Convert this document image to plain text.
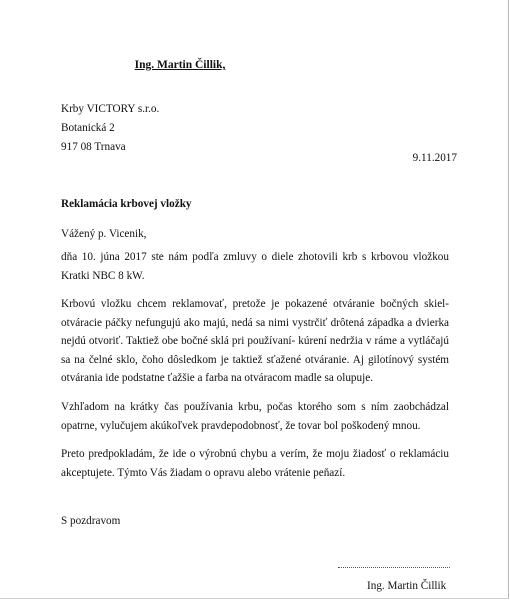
Ing. Martin Čillik,
Krby VICTORY s.r.o.
Botanická 2
917 08 Trnava
9.11.2017
Reklamácia krbovej vložky
Vážený p. Vicenik,
dňa 10. júna 2017 ste nám podľa zmluvy o diele zhotovili krb s krbovou vložkou Kratki NBC 8 kW.
Krbovú vložku chcem reklamovať, pretože je pokazené otváranie bočných skiel- otváracie páčky nefungujú ako majú, nedá sa nimi vystrčiť drôtená západka a dvierka nejdú otvoriť. Taktiež obe bočné sklá pri používaní- kúrení nedržia v ráme a vytláčajú sa na čelné sklo, čoho dôsledkom je taktiež sťažené otváranie. Aj gilotínový systém otvárania ide podstatne ťažšie a farba na otváracom madle sa olupuje.
Vzhľadom na krátky čas používania krbu, počas ktorého som s ním zaobchádzal opatrne, vylučujem akúkoľvek pravdepodobnosť, že tovar bol poškodený mnou.
Preto predpokladám, že ide o výrobnú chybu a verím, že moju žiadosť o reklamáciu akceptujete. Týmto Vás žiadam o opravu alebo vrátenie peňazí.
S pozdravom
Ing. Martin Čillik
